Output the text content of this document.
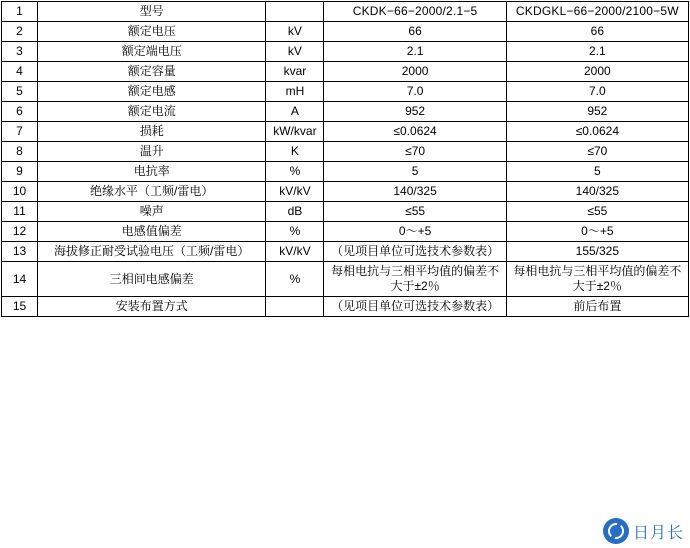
1	型号		CKDK−66−2000/2.1−5	CKDGKL−66−2000/2100−5W
2	额定电压	kV	66	66
3	额定端电压	kV	2.1	2.1
4	额定容量	kvar	2000	2000
5	额定电感	mH	7.0	7.0
6	额定电流	A	952	952
7	损耗	kW/kvar	≤0.0624	≤0.0624
8	温升	K	≤70	≤70
9	电抗率	%	5	5
10	绝缘水平（工频/雷电）	kV/kV	140/325	140/325
11	噪声	dB	≤55	≤55
12	电感值偏差	%	0～+5	0～+5
13	海拔修正耐受试验电压（工频/雷电）	kV/kV	（见项目单位可选技术参数表）	155/325
14	三相间电感偏差	%	每相电抗与三相平均值的偏差不大于±2％	每相电抗与三相平均值的偏差不大于±2％
15	安装布置方式		（见项目单位可选技术参数表）	前后布置
日月长
